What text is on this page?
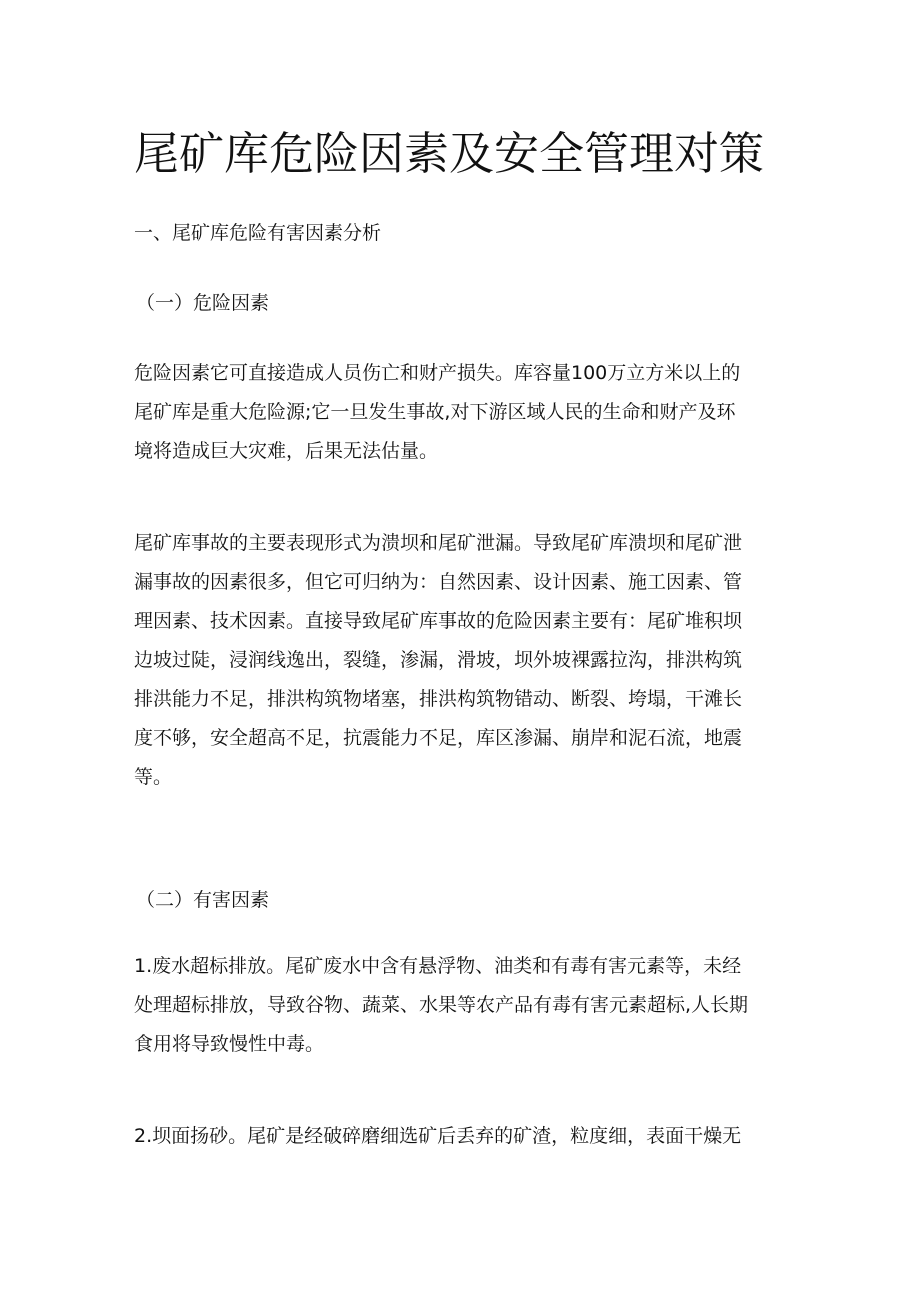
尾矿库危险因素及安全管理对策
一、尾矿库危险有害因素分析
（一）危险因素
危险因素它可直接造成人员伤亡和财产损失。库容量100万立方米以上的
尾矿库是重大危险源;它一旦发生事故,对下游区域人民的生命和财产及环
境将造成巨大灾难，后果无法估量。
尾矿库事故的主要表现形式为溃坝和尾矿泄漏。导致尾矿库溃坝和尾矿泄
漏事故的因素很多，但它可归纳为：自然因素、设计因素、施工因素、管
理因素、技术因素。直接导致尾矿库事故的危险因素主要有：尾矿堆积坝
边坡过陡，浸润线逸出，裂缝，渗漏，滑坡，坝外坡裸露拉沟，排洪构筑
排洪能力不足，排洪构筑物堵塞，排洪构筑物错动、断裂、垮塌，干滩长
度不够，安全超高不足，抗震能力不足，库区渗漏、崩岸和泥石流，地震
等。
（二）有害因素
1.废水超标排放。尾矿废水中含有悬浮物、油类和有毒有害元素等，未经
处理超标排放，导致谷物、蔬菜、水果等农产品有毒有害元素超标,人长期
食用将导致慢性中毒。
2.坝面扬砂。尾矿是经破碎磨细选矿后丢弃的矿渣，粒度细，表面干燥无
